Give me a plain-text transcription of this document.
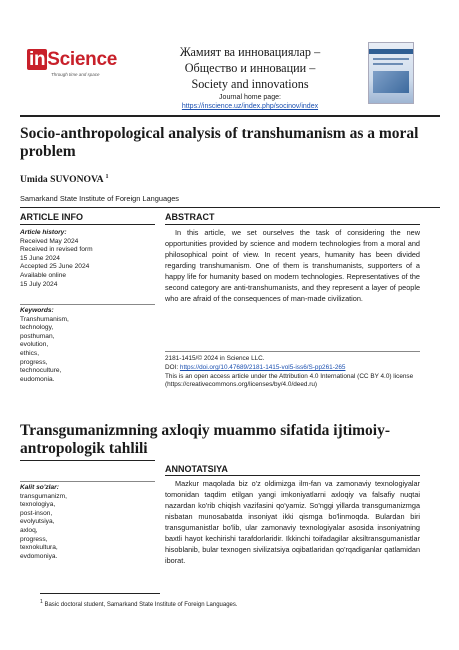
in Science
Through time and space
Жамият ва инновациялар –
Общество и инновации –
Society and innovations
Journal home page:
https://inscience.uz/index.php/socinov/index
Socio-anthropological analysis of transhumanism as a moral problem
Umida SUVONOVA $^1$
Samarkand State Institute of Foreign Languages
ARTICLE INFO
Article history:
Received May 2024
Received in revised form
15 June 2024
Accepted 25 June 2024
Available online
15 July 2024
Keywords:
Transhumanism,
technology,
posthuman,
evolution,
ethics,
progress,
technoculture,
eudomonia.
ABSTRACT
In this article, we set ourselves the task of considering the new opportunities provided by science and modern technologies from a moral and philosophical point of view. In recent years, humanity has been divided regarding transhumanism. One of them is transhumanists, supporters of a happy life for humanity based on modern technologies. Representatives of the second category are anti-transhumanists, and they represent a layer of people who are afraid of the consequences of man-made civilization.
2181-1415/© 2024 in Science LLC.
DOI: https://doi.org/10.47689/2181-1415-vol5-iss6/S-pp261-265
This is an open access article under the Attribution 4.0 International (CC BY 4.0) license (https://creativecommons.org/licenses/by/4.0/deed.ru)
Transgumanizmning axloqiy muammo sifatida ijtimoiy-antropologik tahlili
ANNOTATSIYA
Kalit so'zlar:
transgumanizm,
texnologiya,
post-inson,
evolyutsiya,
axloq,
progress,
texnokultura,
evdomoniya.
Mazkur maqolada biz o'z oldimizga ilm-fan va zamonaviy texnologiyalar tomonidan taqdim etilgan yangi imkoniyatlarni axloqiy va falsafiy nuqtai nazardan ko'rib chiqish vazifasini qo'yamiz. So'nggi yillarda transgumanizmga nisbatan munosabatda insoniyat ikki qismga bo'linmoqda. Bulardan biri transgumanistlar bo'lib, ular zamonaviy texnologiyalar asosida insoniyatning baxtli hayot kechirishi tarafdorlaridir. Ikkinchi toifadagilar aksiltransgumanistlar hisoblanib, bular texnogen sivilizatsiya oqibatlaridan qo'rqadiganlar qatlamidan iborat.
$^1$ Basic doctoral student, Samarkand State Institute of Foreign Languages.
